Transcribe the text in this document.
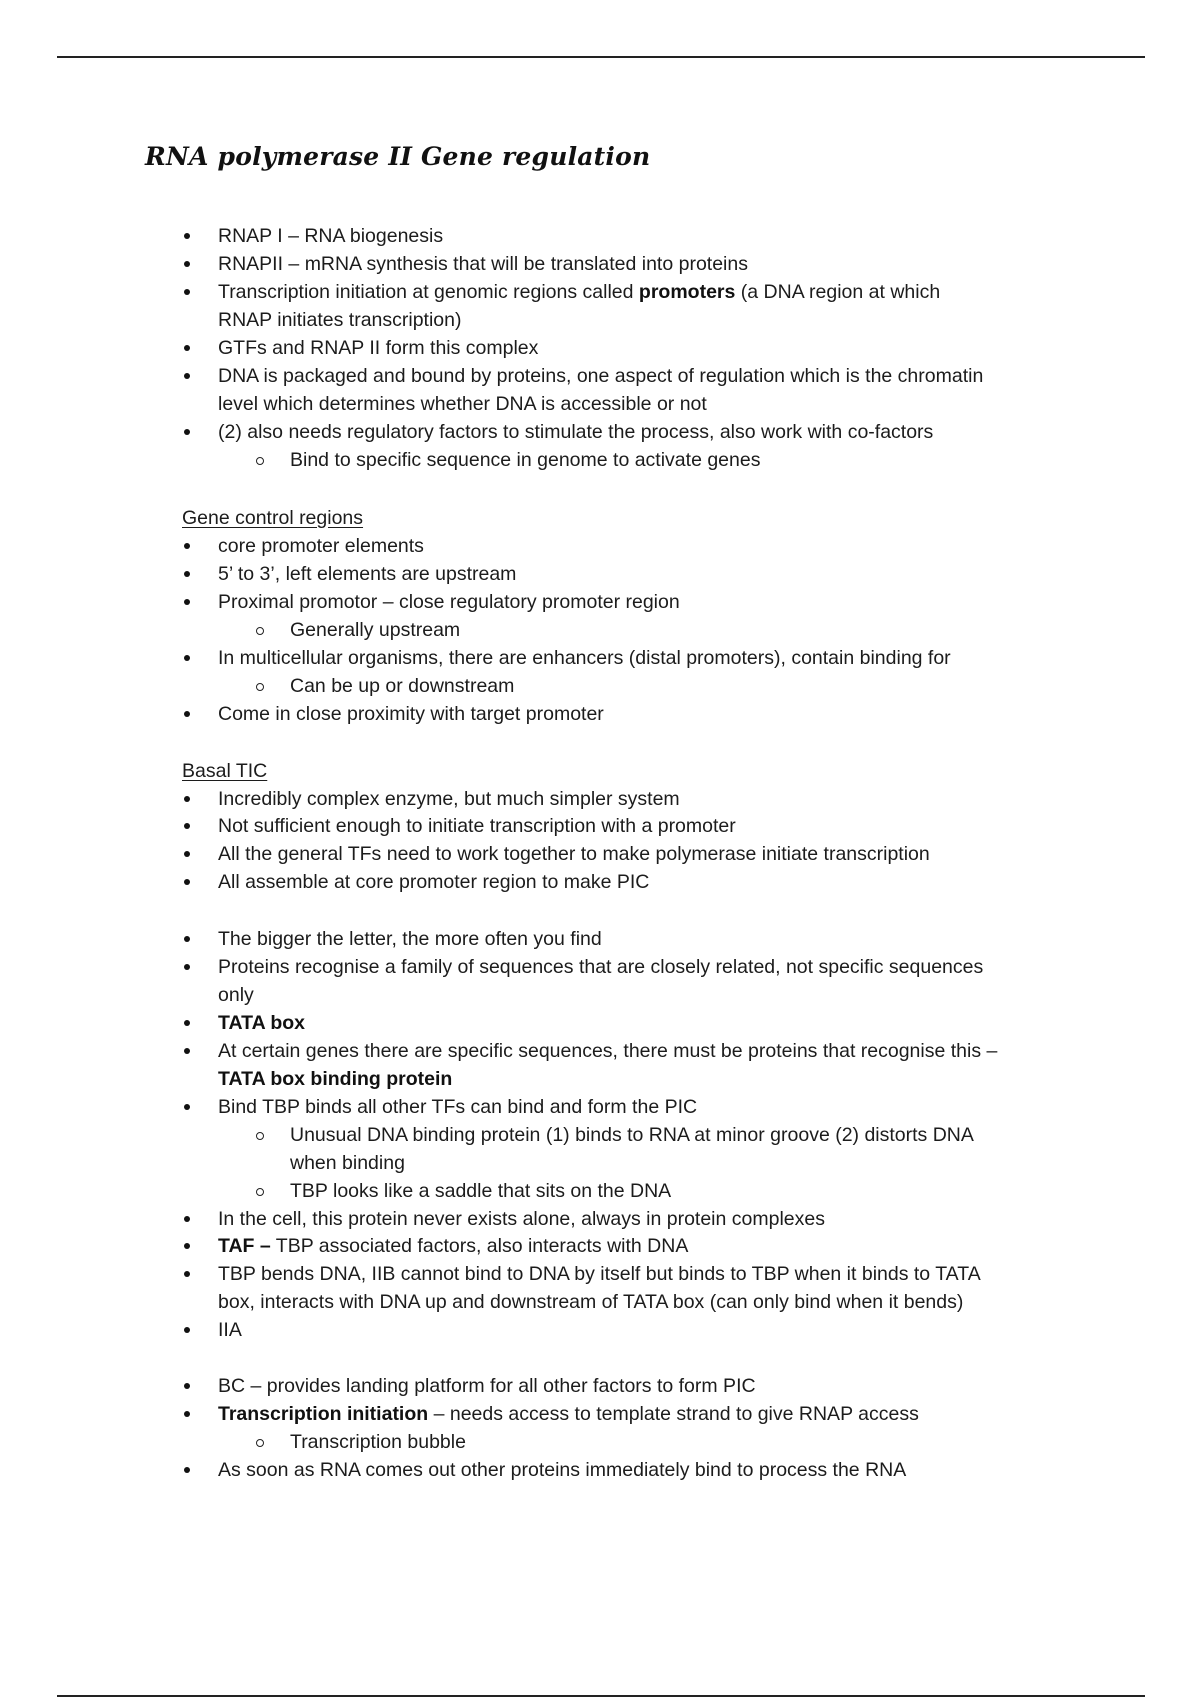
RNA polymerase II Gene regulation
RNAP I – RNA biogenesis
RNAPII – mRNA synthesis that will be translated into proteins
Transcription initiation at genomic regions called promoters (a DNA region at which
RNAP initiates transcription)
GTFs and RNAP II form this complex
DNA is packaged and bound by proteins, one aspect of regulation which is the chromatin
level which determines whether DNA is accessible or not
(2) also needs regulatory factors to stimulate the process, also work with co-factors
Bind to specific sequence in genome to activate genes
Gene control regions
core promoter elements
5’ to 3’, left elements are upstream
Proximal promotor – close regulatory promoter region
Generally upstream
In multicellular organisms, there are enhancers (distal promoters), contain binding for
Can be up or downstream
Come in close proximity with target promoter
Basal TIC
Incredibly complex enzyme, but much simpler system
Not sufficient enough to initiate transcription with a promoter
All the general TFs need to work together to make polymerase initiate transcription
All assemble at core promoter region to make PIC
The bigger the letter, the more often you find
Proteins recognise a family of sequences that are closely related, not specific sequences
only
TATA box
At certain genes there are specific sequences, there must be proteins that recognise this –
TATA box binding protein
Bind TBP binds all other TFs can bind and form the PIC
Unusual DNA binding protein (1) binds to RNA at minor groove (2) distorts DNA
when binding
TBP looks like a saddle that sits on the DNA
In the cell, this protein never exists alone, always in protein complexes
TAF – TBP associated factors, also interacts with DNA
TBP bends DNA, IIB cannot bind to DNA by itself but binds to TBP when it binds to TATA
box, interacts with DNA up and downstream of TATA box (can only bind when it bends)
IIA
BC – provides landing platform for all other factors to form PIC
Transcription initiation – needs access to template strand to give RNAP access
Transcription bubble
As soon as RNA comes out other proteins immediately bind to process the RNA
